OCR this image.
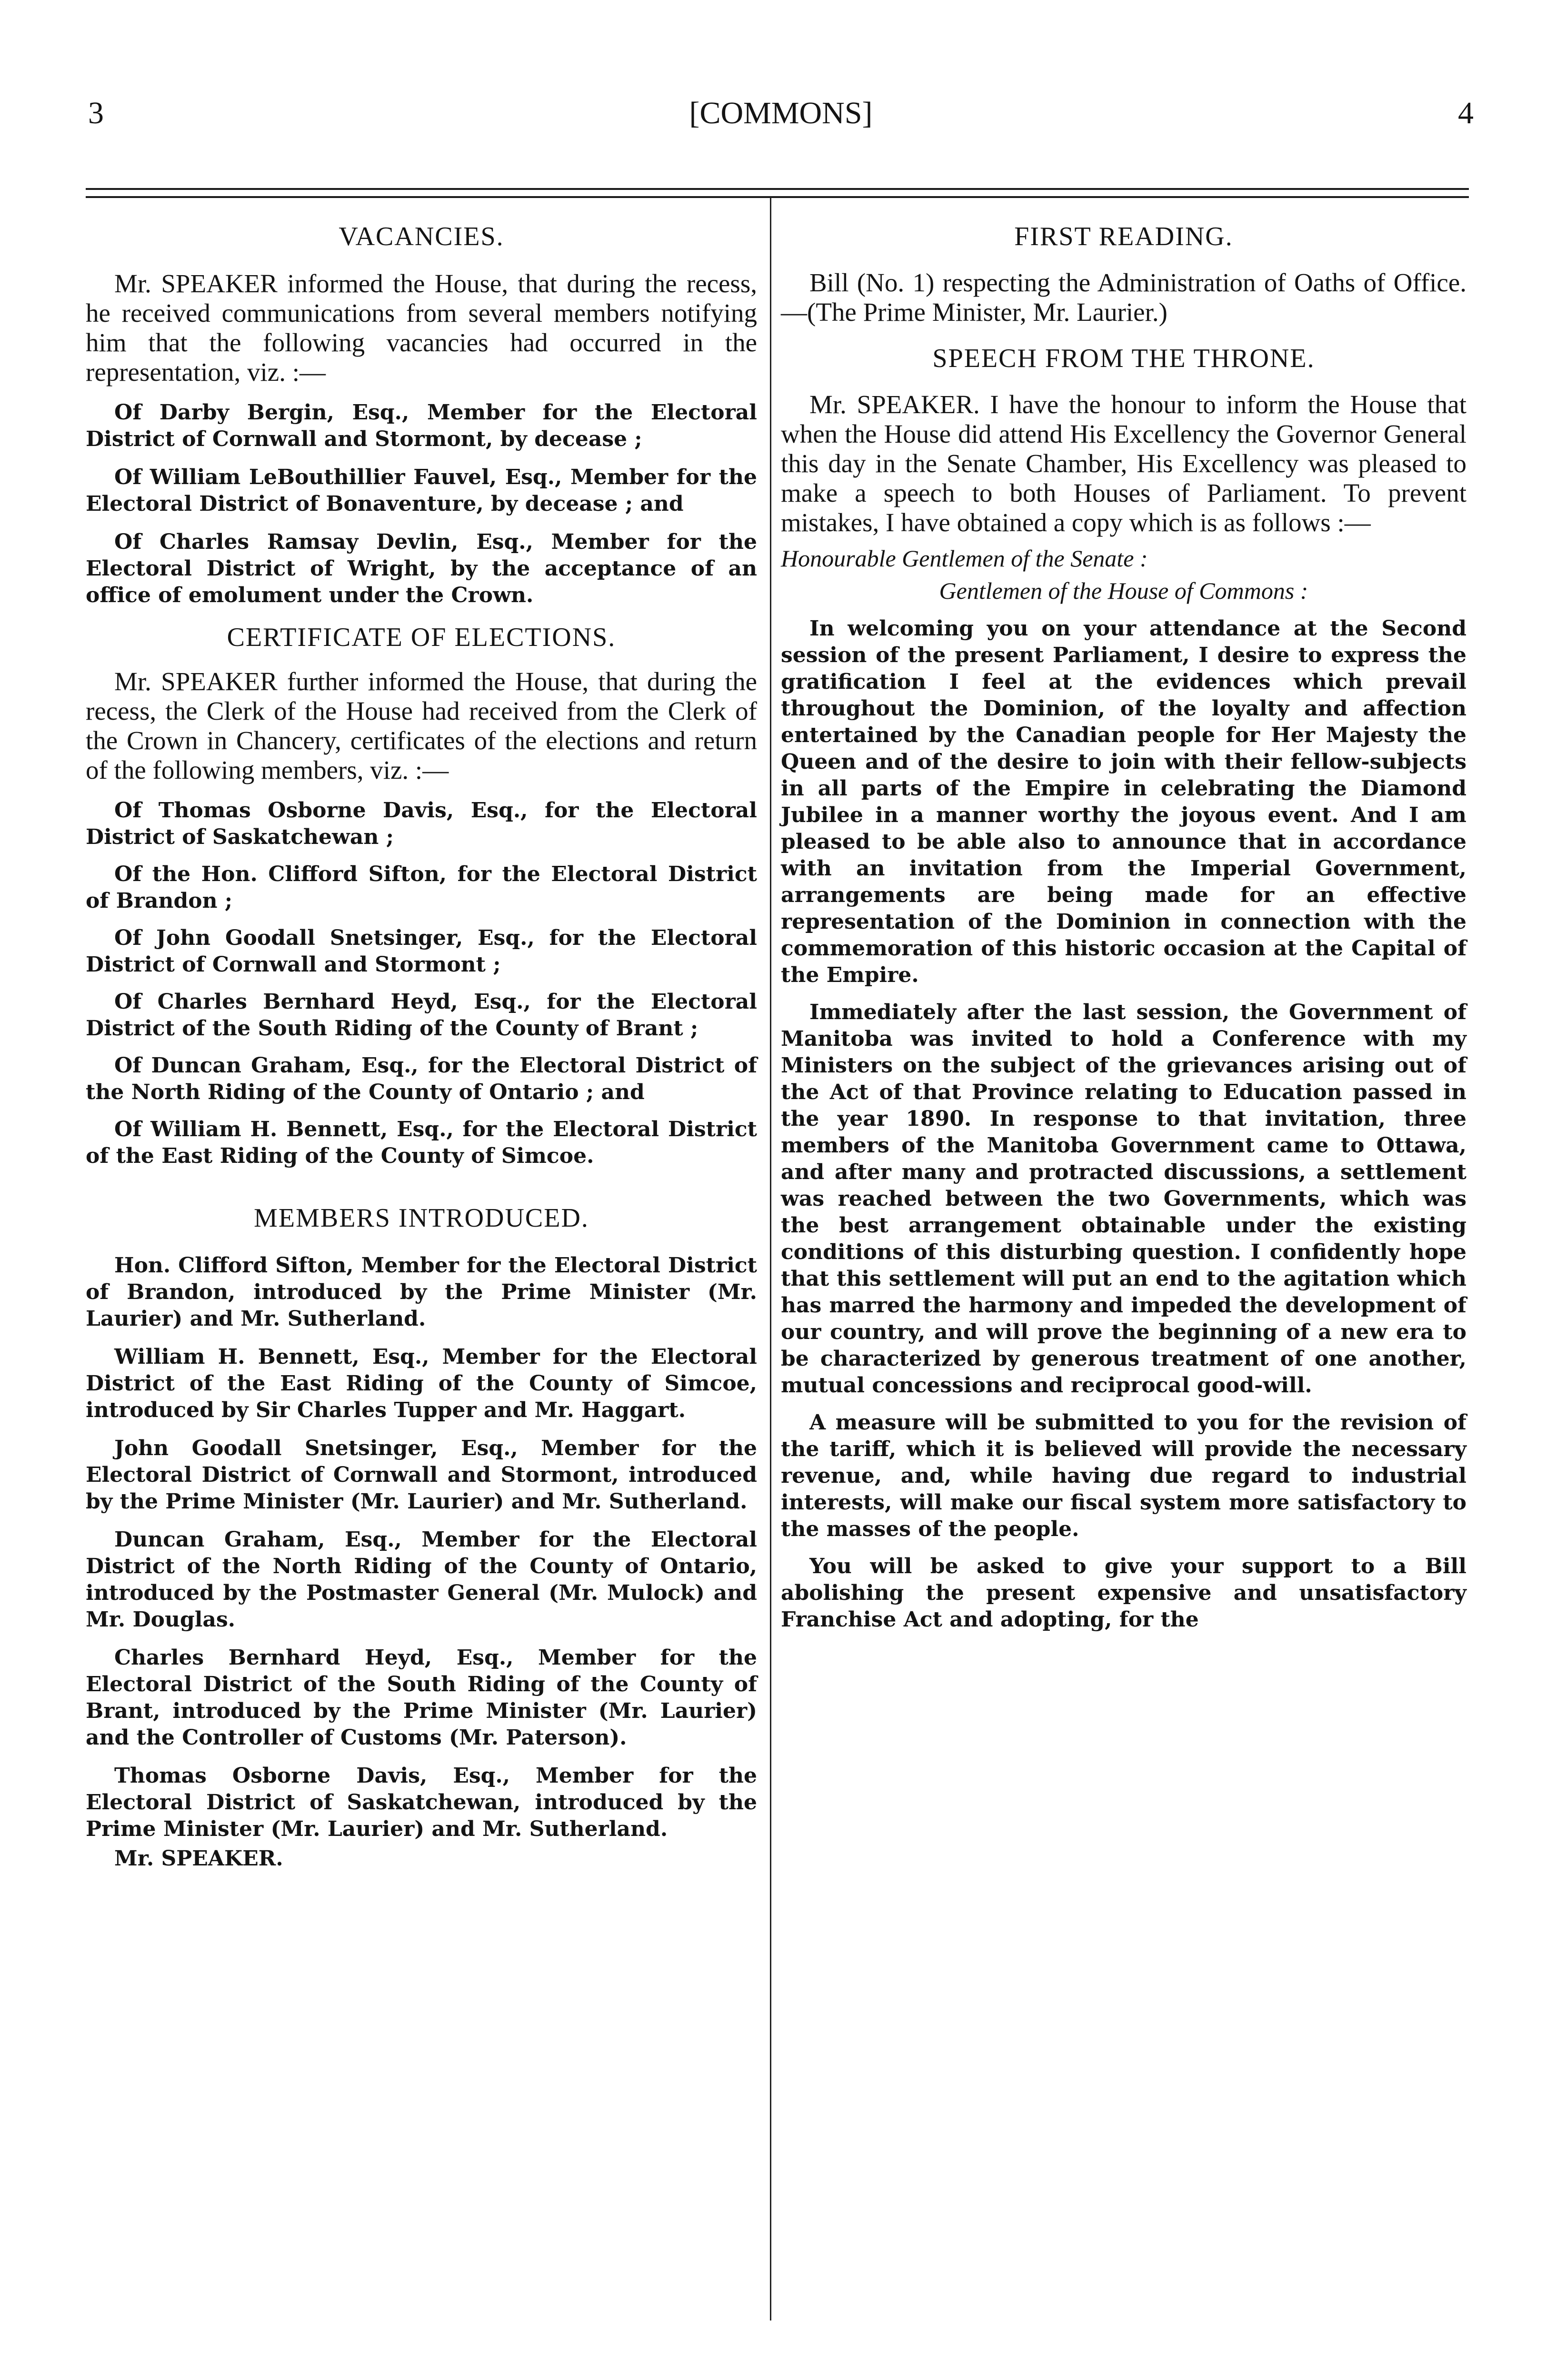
3	[COMMONS]	4

VACANCIES.

Mr. SPEAKER informed the House, that during the recess, he received communications from several members notifying him that the following vacancies had occurred in the representation, viz. :—

Of Darby Bergin, Esq., Member for the Electoral District of Cornwall and Stormont, by decease ;

Of William LeBouthillier Fauvel, Esq., Member for the Electoral District of Bonaventure, by decease ; and

Of Charles Ramsay Devlin, Esq., Member for the Electoral District of Wright, by the acceptance of an office of emolument under the Crown.

CERTIFICATE OF ELECTIONS.

Mr. SPEAKER further informed the House, that during the recess, the Clerk of the House had received from the Clerk of the Crown in Chancery, certificates of the elections and return of the following members, viz. :—

Of Thomas Osborne Davis, Esq., for the Electoral District of Saskatchewan ;

Of the Hon. Clifford Sifton, for the Electoral District of Brandon ;

Of John Goodall Snetsinger, Esq., for the Electoral District of Cornwall and Stormont ;

Of Charles Bernhard Heyd, Esq., for the Electoral District of the South Riding of the County of Brant ;

Of Duncan Graham, Esq., for the Electoral District of the North Riding of the County of Ontario ; and

Of William H. Bennett, Esq., for the Electoral District of the East Riding of the County of Simcoe.

MEMBERS INTRODUCED.

Hon. Clifford Sifton, Member for the Electoral District of Brandon, introduced by the Prime Minister (Mr. Laurier) and Mr. Sutherland.

William H. Bennett, Esq., Member for the Electoral District of the East Riding of the County of Simcoe, introduced by Sir Charles Tupper and Mr. Haggart.

John Goodall Snetsinger, Esq., Member for the Electoral District of Cornwall and Stormont, introduced by the Prime Minister (Mr. Laurier) and Mr. Sutherland.

Duncan Graham, Esq., Member for the Electoral District of the North Riding of the County of Ontario, introduced by the Postmaster General (Mr. Mulock) and Mr. Douglas.

Charles Bernhard Heyd, Esq., Member for the Electoral District of the South Riding of the County of Brant, introduced by the Prime Minister (Mr. Laurier) and the Controller of Customs (Mr. Paterson).

Thomas Osborne Davis, Esq., Member for the Electoral District of Saskatchewan, introduced by the Prime Minister (Mr. Laurier) and Mr. Sutherland.

Mr. SPEAKER.

FIRST READING.

Bill (No. 1) respecting the Administration of Oaths of Office.—(The Prime Minister, Mr. Laurier.)

SPEECH FROM THE THRONE.

Mr. SPEAKER. I have the honour to inform the House that when the House did attend His Excellency the Governor General this day in the Senate Chamber, His Excellency was pleased to make a speech to both Houses of Parliament. To prevent mistakes, I have obtained a copy which is as follows :—

Honourable Gentlemen of the Senate :

Gentlemen of the House of Commons :

In welcoming you on your attendance at the Second session of the present Parliament, I desire to express the gratification I feel at the evidences which prevail throughout the Dominion, of the loyalty and affection entertained by the Canadian people for Her Majesty the Queen and of the desire to join with their fellow-subjects in all parts of the Empire in celebrating the Diamond Jubilee in a manner worthy the joyous event. And I am pleased to be able also to announce that in accordance with an invitation from the Imperial Government, arrangements are being made for an effective representation of the Dominion in connection with the commemoration of this historic occasion at the Capital of the Empire.

Immediately after the last session, the Government of Manitoba was invited to hold a Conference with my Ministers on the subject of the grievances arising out of the Act of that Province relating to Education passed in the year 1890. In response to that invitation, three members of the Manitoba Government came to Ottawa, and after many and protracted discussions, a settlement was reached between the two Governments, which was the best arrangement obtainable under the existing conditions of this disturbing question. I confidently hope that this settlement will put an end to the agitation which has marred the harmony and impeded the development of our country, and will prove the beginning of a new era to be characterized by generous treatment of one another, mutual concessions and reciprocal good-will.

A measure will be submitted to you for the revision of the tariff, which it is believed will provide the necessary revenue, and, while having due regard to industrial interests, will make our fiscal system more satisfactory to the masses of the people.

You will be asked to give your support to a Bill abolishing the present expensive and unsatisfactory Franchise Act and adopting, for the
